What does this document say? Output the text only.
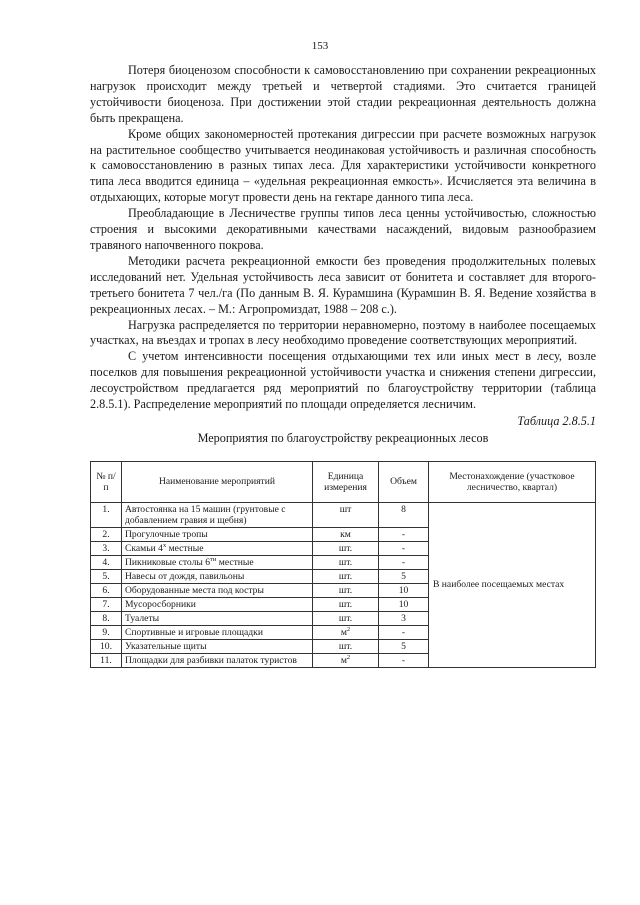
153

Потеря биоценозом способности к самовосстановлению при сохранении рекреационных нагрузок происходит между третьей и четвертой стадиями. Это считается границей устойчивости биоценоза. При достижении этой стадии рекреационная деятельность должна быть прекращена.

Кроме общих закономерностей протекания дигрессии при расчете возможных нагрузок на растительное сообщество учитывается неодинаковая устойчивость и различная способность к самовосстановлению в разных типах леса. Для характеристики устойчивости конкретного типа леса вводится единица – «удельная рекреационная емкость». Исчисляется эта величина в отдыхающих, которые могут провести день на гектаре данного типа леса.

Преобладающие в Лесничестве группы типов леса ценны устойчивостью, сложностью строения и высокими декоративными качествами насаждений, видовым разнообразием травяного напочвенного покрова.

Методики расчета рекреационной емкости без проведения продолжительных полевых исследований нет. Удельная устойчивость леса зависит от бонитета и составляет для второго-третьего бонитета 7 чел./га (По данным В. Я. Курамшина (Курамшин В. Я. Ведение хозяйства в рекреационных лесах. – М.: Агропромиздат, 1988 – 208 с.).

Нагрузка распределяется по территории неравномерно, поэтому в наиболее посещаемых участках, на въездах и тропах в лесу необходимо проведение соответствующих мероприятий.

С учетом интенсивности посещения отдыхающими тех или иных мест в лесу, возле поселков для повышения рекреационной устойчивости участка и снижения степени дигрессии, лесоустройством предлагается ряд мероприятий по благоустройству территории (таблица 2.8.5.1). Распределение мероприятий по площади определяется лесничим.

Таблица 2.8.5.1

Мероприятия по благоустройству рекреационных лесов

№ п/п	Наименование мероприятий	Единица измерения	Объем	Местонахождение (участковое лесничество, квартал)
1.	Автостоянка на 15 машин (грунтовые с добавлением гравия и щебня)	шт	8	В наиболее посещаемых местах
2.	Прогулочные тропы	км	-	
3.	Скамьи $4^х$ местные	шт.	-	
4.	Пикниковые столы $6^{ти}$ местные	шт.	-	
5.	Навесы от дождя, павильоны	шт.	5	
6.	Оборудованные места под костры	шт.	10	
7.	Мусоросборники	шт.	10	
8.	Туалеты	шт.	3	
9.	Спортивные и игровые площадки	$м^2$	-	
10.	Указательные щиты	шт.	5	
11.	Площадки для разбивки палаток туристов	$м^2$	-	
